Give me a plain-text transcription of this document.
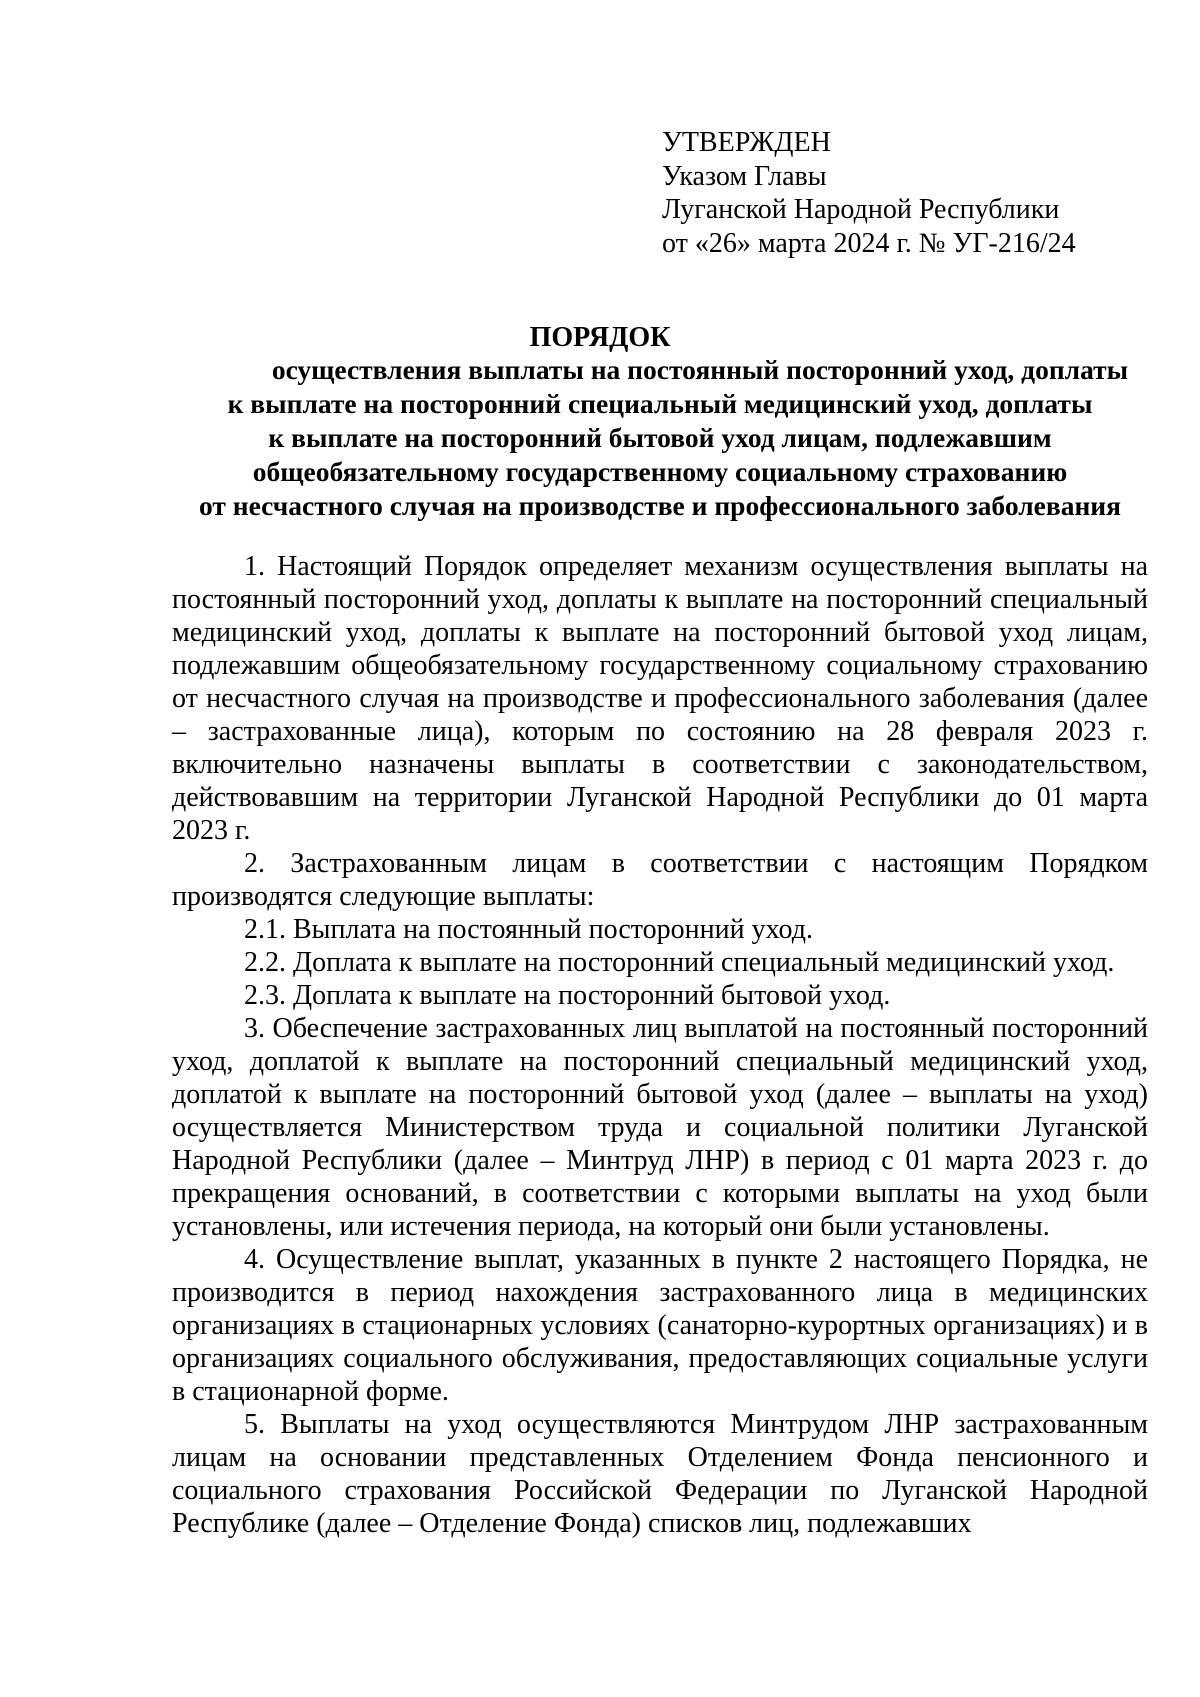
УТВЕРЖДЕН
Указом Главы
Луганской Народной Республики
от «26» марта 2024 г. № УГ-216/24
ПОРЯДОК
осуществления выплаты на постоянный посторонний уход, доплаты
к выплате на посторонний специальный медицинский уход, доплаты
к выплате на посторонний бытовой уход лицам, подлежавшим
общеобязательному государственному социальному страхованию
от несчастного случая на производстве и профессионального заболевания

1. Настоящий Порядок определяет механизм осуществления выплаты на постоянный посторонний уход, доплаты к выплате на посторонний специальный медицинский уход, доплаты к выплате на посторонний бытовой уход лицам, подлежавшим общеобязательному государственному социальному страхованию от несчастного случая на производстве и профессионального заболевания (далее – застрахованные лица), которым по состоянию на 28 февраля 2023 г. включительно назначены выплаты в соответствии с законодательством, действовавшим на территории Луганской Народной Республики до 01 марта 2023 г.

2. Застрахованным лицам в соответствии с настоящим Порядком производятся следующие выплаты:

2.1. Выплата на постоянный посторонний уход.

2.2. Доплата к выплате на посторонний специальный медицинский уход.

2.3. Доплата к выплате на посторонний бытовой уход.

3. Обеспечение застрахованных лиц выплатой на постоянный посторонний уход, доплатой к выплате на посторонний специальный медицинский уход, доплатой к выплате на посторонний бытовой уход (далее – выплаты на уход) осуществляется Министерством труда и социальной политики Луганской Народной Республики (далее – Минтруд ЛНР) в период с 01 марта 2023 г. до прекращения оснований, в соответствии с которыми выплаты на уход были установлены, или истечения периода, на который они были установлены.

4. Осуществление выплат, указанных в пункте 2 настоящего Порядка, не производится в период нахождения застрахованного лица в медицинских организациях в стационарных условиях (санаторно-курортных организациях) и в организациях социального обслуживания, предоставляющих социальные услуги в стационарной форме.

5. Выплаты на уход осуществляются Минтрудом ЛНР застрахованным лицам на основании представленных Отделением Фонда пенсионного и социального страхования Российской Федерации по Луганской Народной Республике (далее – Отделение Фонда) списков лиц, подлежавших
